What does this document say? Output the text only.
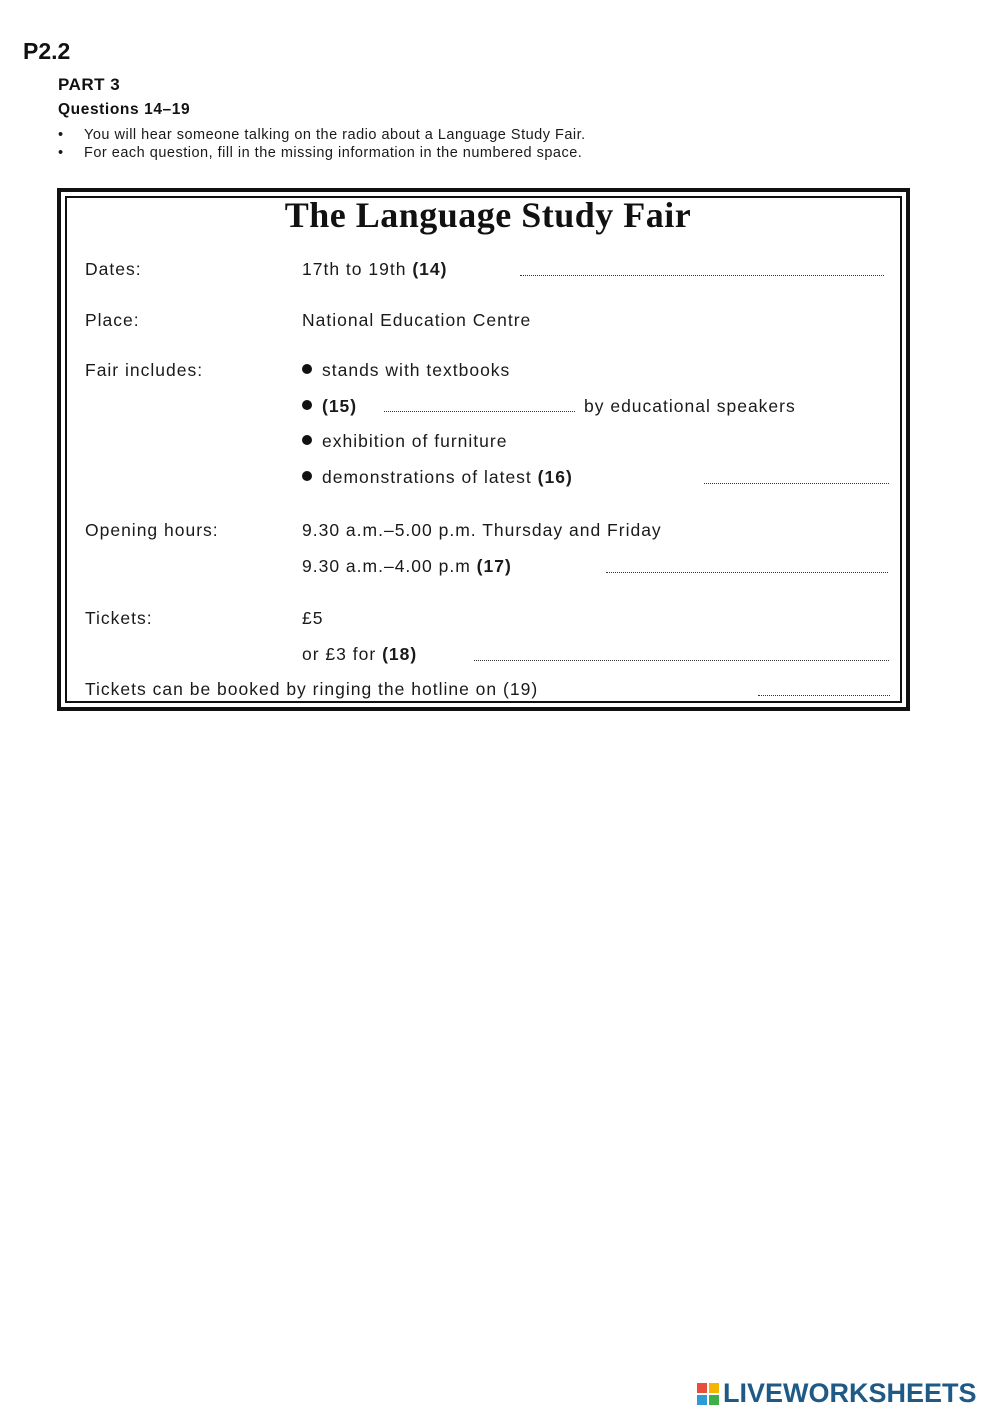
P2.2
PART 3
Questions 14–19
• You will hear someone talking on the radio about a Language Study Fair.
• For each question, fill in the missing information in the numbered space.
The Language Study Fair
Dates:	17th to 19th (14)
Place:	National Education Centre
Fair includes:	stands with textbooks
(15)	by educational speakers
exhibition of furniture
demonstrations of latest (16)
Opening hours:	9.30 a.m.–5.00 p.m. Thursday and Friday
9.30 a.m.–4.00 p.m (17)
Tickets:	£5
or £3 for (18)
Tickets can be booked by ringing the hotline on (19)
LIVEWORKSHEETS
